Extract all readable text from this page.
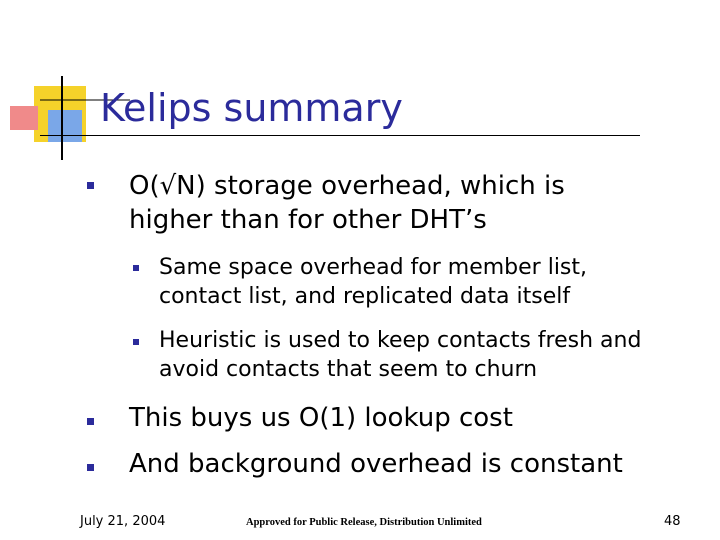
Kelips summary
O(√N) storage overhead, which is
higher than for other DHT’s
Same space overhead for member list,
contact list, and replicated data itself
Heuristic is used to keep contacts fresh and
avoid contacts that seem to churn
This buys us O(1) lookup cost
And background overhead is constant
July 21, 2004	Approved for Public Release, Distribution Unlimited	48
